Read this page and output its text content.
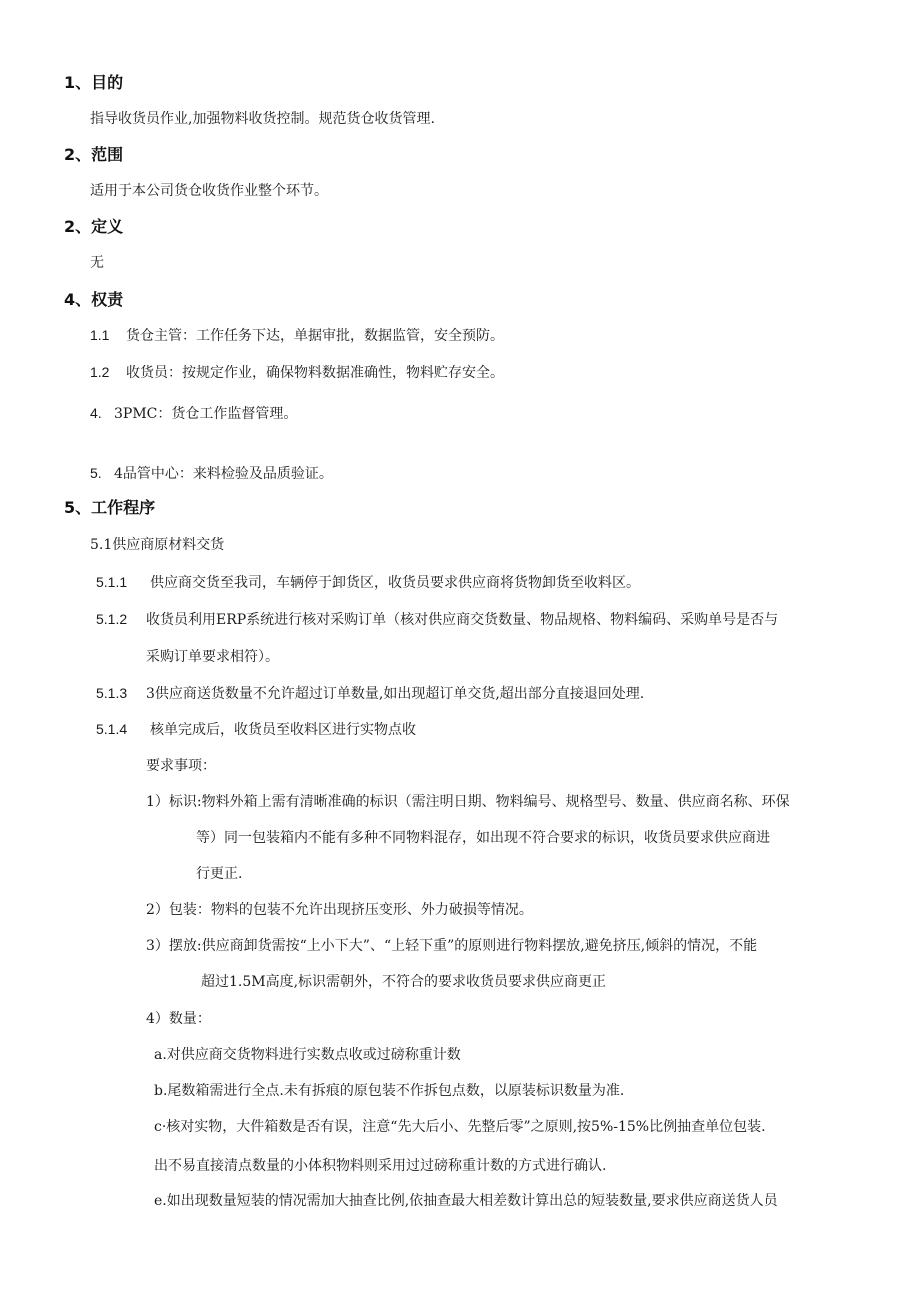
1、目的
指导收货员作业,加强物料收货控制。规范货仓收货管理.
2、范围
适用于本公司货仓收货作业整个环节。
2、定义
无
4、权责
1.1 货仓主管：工作任务下达，单据审批，数据监管，安全预防。
1.2 收货员：按规定作业，确保物料数据准确性，物料贮存安全。
4. 3PMC：货仓工作监督管理。
5. 4品管中心：来料检验及品质验证。
5、工作程序
5.1供应商原材料交货
5.1.1 供应商交货至我司，车辆停于卸货区，收货员要求供应商将货物卸货至收料区。
5.1.2 收货员利用ERP系统进行核对采购订单（核对供应商交货数量、物品规格、物料编码、采购单号是否与
采购订单要求相符）。
5.1.3 3供应商送货数量不允许超过订单数量,如出现超订单交货,超出部分直接退回处理.
5.1.4 核单完成后，收货员至收料区进行实物点收
要求事项：
1）标识:物料外箱上需有清晰准确的标识（需注明日期、物料编号、规格型号、数量、供应商名称、环保
等）同一包装箱内不能有多种不同物料混存，如出现不符合要求的标识，收货员要求供应商进
行更正.
2）包装：物料的包装不允许出现挤压变形、外力破损等情况。
3）摆放:供应商卸货需按“上小下大”、“上轻下重”的原则进行物料摆放,避免挤压,倾斜的情况，不能
超过1.5M高度,标识需朝外，不符合的要求收货员要求供应商更正
4）数量：
a.对供应商交货物料进行实数点收或过磅称重计数
b.尾数箱需进行全点.未有拆痕的原包装不作拆包点数，以原装标识数量为准.
c·核对实物，大件箱数是否有误，注意“先大后小、先整后零”之原则,按5%-15%比例抽查单位包装.
出不易直接清点数量的小体积物料则采用过过磅称重计数的方式进行确认.
e.如出现数量短装的情况需加大抽查比例,依抽查最大相差数计算出总的短装数量,要求供应商送货人员
